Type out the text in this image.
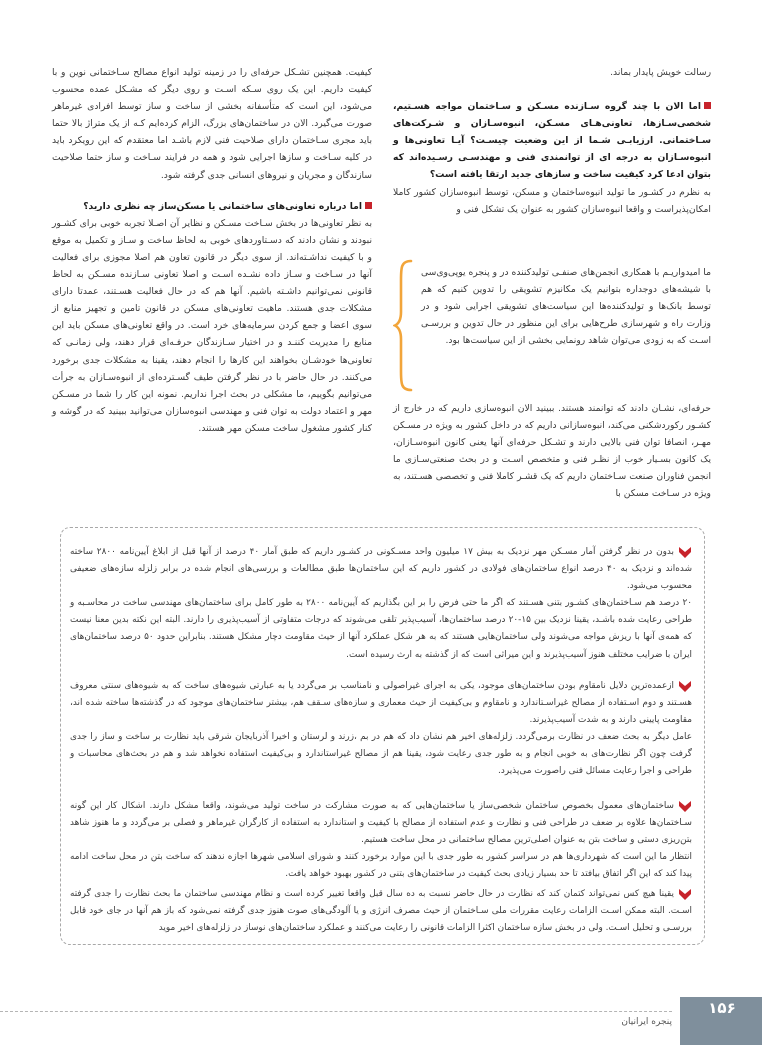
رسالت خویش پایدار بماند.

اما الان با چند گروه سـازنده مسـکن و سـاختمان مواجه هسـتیم، شخصی‌سـازها، تعاونی‌هـای مسـکن، انبوه‌سـازان و شـرکت‌های سـاختمانی. ارزیابـی شـما از این وضعیت چیسـت؟ آیـا تعاونی‌ها و انبوه‌سـازان به درجه ای از توانمندی فنی و مهندسـی رسـیده‌اند که بتوان ادعا کرد کیفیت ساخت و سازهای جدید ارتقا یافته است؟

به نظرم در کشـور ما تولید انبوه‌ساختمان و مسکن، توسط انبوه‌سازان کشور کاملا امکان‌پذیراست و واقعا انبوه‌سازان کشور به عنوان یک تشکل فنی و

ما امیدواریـم با همکاری انجمن‌های صنفـی تولیدکننده در و پنجره یوپی‌وی‌سی با شیشه‌های دوجداره بتوانیم یک مکانیزم تشویقی را تدوین کنیم که هم توسط بانک‌ها و تولیدکننده‌ها این سیاست‌های تشویقی اجرایی شود و در وزارت راه و شهرسازی طرح‌هایی برای این منظور در حال تدوین و بررسـی اسـت که به زودی می‌توان شاهد رونمایی بخشی از این سیاست‌ها بود.
حرفه‌ای، نشـان دادند که توانمند هستند. ببینید الان انبوه‌سازی داریم که در خارج از کشـور رکوردشکنی می‌کند، انبوه‌سازانی داریم که در داخل کشور به ویژه در مسـکن مهـر، انصافا توان فنی بالایی دارند و تشـکل حرفه‌ای آنها یعنی کانون انبوه‌سـازان، یک کانون بسـیار خوب از نظـر فنی و متخصص اسـت و در بحث صنعتی‌سـازی ما انجمن فناوران صنعت سـاختمان داریم که یک قشـر کاملا فنی و تخصصی هسـتند، به ویژه در سـاخت مسکن با

کیفیت. همچنین تشـکل حرفه‌ای را در زمینه تولید انواع مصالح سـاختمانی نوین و با کیفیت داریم. این یک روی سـکه اسـت و روی دیگر که مشـکل عمده محسوب می‌شود، این است که متأسفانه بخشی از ساخت و ساز توسط افرادی غیرماهر صورت می‌گیرد. الان در ساختمان‌های بزرگ، الزام کرده‌ایم کـه از یک متراژ بالا حتما باید مجری سـاختمان دارای صلاحیت فنی لازم باشـد اما معتقدم که این رویکرد باید در کلیه سـاخت و سازها اجرایی شود و همه در فرایند سـاخت و ساز حتما صلاحیت سازندگان و مجریان و نیروهای انسانی جدی گرفته شود.

اما درباره تعاونی‌های ساختمانی یا مسکن‌ساز چه نظری دارید؟

به نظر تعاونی‌ها در بخش سـاخت مسـکن و نظایر آن اصـلا تجربه خوبی برای کشـور نبودند و نشان دادند که دسـتاوردهای خوبی به لحاظ ساخت و سـاز و تکمیل به موقع و با کیفیت نداشـته‌اند. از سوی دیگر در قانون تعاون هم اصلا مجوزی برای فعالیت آنها در سـاخت و سـاز داده نشـده اسـت و اصلا تعاونی سـازنده مسـکن به لحاظ قانونی نمی‌توانیم داشـته باشیم. آنها هم که در حال فعالیت هسـتند، عمدتا دارای مشکلات جدی هستند. ماهیت تعاونی‌های مسکن در قانون تامین و تجهیز منابع از سوی اعضا و جمع کردن سرمایه‌های خرد است. در واقع تعاونی‌های مسکن باید این منابع را مدیریت کننـد و در اختیار سـازندگان حرفـه‌ای قرار دهند، ولی زمانـی که تعاونی‌ها خودشـان بخواهند این کارها را انجام دهند، یقینا به مشکلات جدی برخورد می‌کنند. در حال حاضر با در نظر گرفتن طیف گسـترده‌ای از انبوه‌سـازان به جرأت می‌توانیم بگوییم، ما مشکلی در بحث اجرا نداریم. نمونه این کار را شما در مسـکن مهر و اعتماد دولت به توان فنی و مهندسی انبوه‌سازان می‌توانید ببینید که در گوشه و کنار کشور مشغول ساخت مسکن مهر هستند.

بدون در نظر گرفتن آمار مسـکن مهر نزدیک به بیش ۱۷ میلیون واحد مسـکونی در کشـور داریم که طبق آمار ۴۰ درصد از آنها قبل از ابلاغ آیین‌نامه ۲۸۰۰ ساخته شده‌اند و نزدیک به ۴۰ درصد انواع ساختمان‌های فولادی در کشور داریم که این ساختمان‌ها طبق مطالعات و بررسی‌های انجام شده در برابر زلزله سازه‌های ضعیفی محسوب می‌شود.

۲۰ درصد هم سـاختمان‌های کشـور بتنی هسـتند که اگر ما حتی فرض را بر این بگذاریم که آیین‌نامه ۲۸۰۰ به طور کامل برای ساختمان‌های مهندسی ساخت در محاسـبه و طراحی رعایت شده باشـد، یقینا نزدیک بین ۱۵-۲۰ درصد ساختمان‌ها، آسیب‌پذیر تلقی می‌شوند که درجات متفاوتی از آسیب‌پذیری را دارند. البته این نکته بدین معنا نیست که همه‌ی آنها با ریزش مواجه می‌شوند ولی ساختمان‌هایی هستند که به هر شکل عملکرد آنها از حیث مقاومت دچار مشکل هستند. بنابراین حدود ۵۰ درصد ساختمان‌های ایران با ضرایب مختلف هنوز آسیب‌پذیرند و این میراثی است که از گذشته به ارث رسیده است.

ازعمده‌ترین دلایل نامقاوم بودن ساختمان‌های موجود، یکی به اجرای غیراصولی و نامناسب بر می‌گردد یا به عبارتی شیوه‌های ساخت که به شیوه‌های سنتی معروف هسـتند و دوم اسـتفاده از مصالح غیراسـتاندارد و نامقاوم و بی‌کیفیت از حیث معماری و سازه‌های سـقف هم، بیشتر ساختمان‌های موجود که در گذشته‌ها ساخته شده اند، مقاومت پایینی دارند و به شدت آسیب‌پذیرند.

عامل دیگر به بحث ضعف در نظارت برمی‌گردد. زلزله‌های اخیر هم نشان داد که هم در بم ،زرند و لرستان و اخیرا آذربایجان شرقی باید نظارت بر ساخت و ساز را جدی گرفت چون اگر نظارت‌های به خوبی انجام و به طور جدی رعایت شود، یقینا هم از مصالح غیراستاندارد و بی‌کیفیت استفاده نخواهد شد و هم در بحث‌های محاسبات و طراحی و اجرا رعایت مسائل فنی راصورت می‌پذیرد.

ساختمان‌های معمول بخصوص ساختمان شخصی‌ساز یا ساختمان‌هایی که به صورت مشارکت در ساخت تولید می‌شوند، واقعا مشکل دارند. اشکال کار این گونه سـاختمان‌ها علاوه بر ضعف در طراحی فنی و نظارت و عدم استفاده از مصالح با کیفیت و استاندارد به استفاده از کارگران غیرماهر و فصلی بر می‌گردد و ما هنوز شاهد بتن‌ریزی دستی و ساخت بتن به عنوان اصلی‌ترین مصالح ساختمانی در محل ساخت هستیم.

انتظار ما این است که شهرداری‌ها هم در سراسر کشور به طور جدی با این موارد برخورد کنند و شورای اسلامی شهرها اجازه ندهند که ساخت بتن در محل ساخت ادامه پیدا کند که این اگر اتفاق بیافتد تا حد بسیار زیادی بحث کیفیت در ساختمان‌های بتنی در کشور بهبود خواهد یافت.

یقینا هیچ کس نمی‌تواند کتمان کند که نظارت در حال حاضر نسبت به ده سال قبل واقعا تغییر کرده است و نظام مهندسی ساختمان ما بحث نظارت را جدی گرفته اسـت. البته ممکن اسـت الزامات رعایت مقررات ملی سـاختمان از حیث مصرف انرژی و یا آلودگی‌های صوت هنوز جدی گرفته نمی‌شود که باز هم آنها در جای خود قابل بررسـی و تحلیل اسـت. ولی در بخش سازه ساختمان اکثرا الزامات قانونی را رعایت می‌کنند و عملکرد ساختمان‌های نوساز در زلزله‌های اخیر موید

۱۵۶
پنجره ایرانیان
